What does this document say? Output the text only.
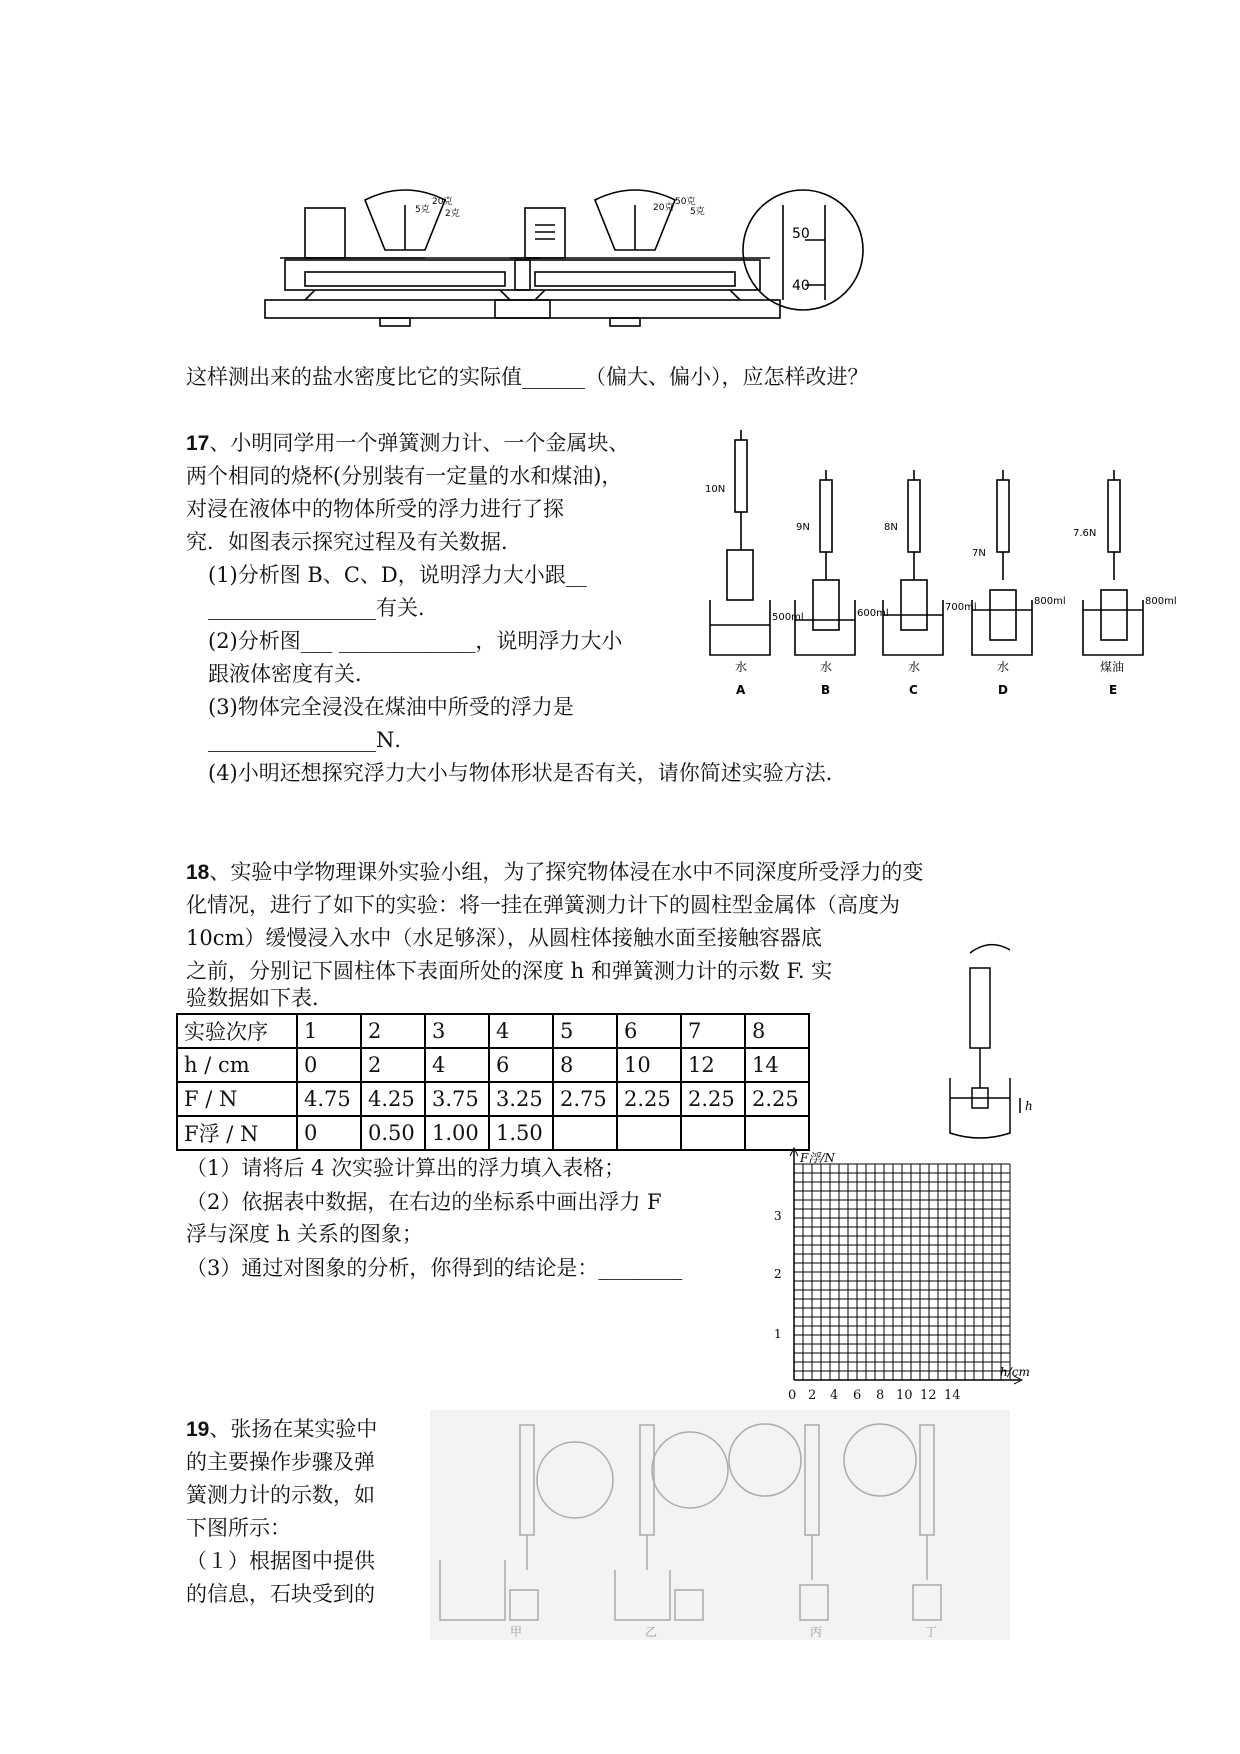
5克
20克
2克
20克
50克
5克
50
40
这样测出来的盐水密度比它的实际值______（偏大、偏小），应怎样改进？
17、小明同学用一个弹簧测力计、一个金属块、
两个相同的烧杯(分别装有一定量的水和煤油)，
对浸在液体中的物体所受的浮力进行了探
究．如图表示探究过程及有关数据．
(1)分析图 B、C、D，说明浮力大小跟__
________________有关．
(2)分析图___ _____________，说明浮力大小
跟液体密度有关．
(3)物体完全浸没在煤油中所受的浮力是
________________N．
(4)小明还想探究浮力大小与物体形状是否有关，请你简述实验方法．
10N
9N	8N
7N
7.6N
500ml	600ml
700ml
800ml	800ml
水	水	水	水	煤油
A	B	C	D	E
18、实验中学物理课外实验小组，为了探究物体浸在水中不同深度所受浮力的变
化情况，进行了如下的实验：将一挂在弹簧测力计下的圆柱型金属体（高度为
10cm）缓慢浸入水中（水足够深），从圆柱体接触水面至接触容器底
之前，分别记下圆柱体下表面所处的深度 h 和弹簧测力计的示数 F. 实
验数据如下表．
实验次序	1	2	3	4	5	6	7	8
h / cm	0	2	4	6	8	10	12	14
F / N	4.75	4.25	3.75	3.25	2.75	2.25	2.25	2.25
F浮 / N	0	0.50	1.00	1.50				
（1）请将后 4 次实验计算出的浮力填入表格；
（2）依据表中数据，在右边的坐标系中画出浮力 F
浮与深度 h 关系的图象；
（3）通过对图象的分析，你得到的结论是：________
h
F浮/N
h/cm
3
2
1
0 2 4 6 8 10 12 14
19、张扬在某实验中
的主要操作步骤及弹
簧测力计的示数，如
下图所示：
（１）根据图中提供
的信息，石块受到的
甲	乙	丙	丁
